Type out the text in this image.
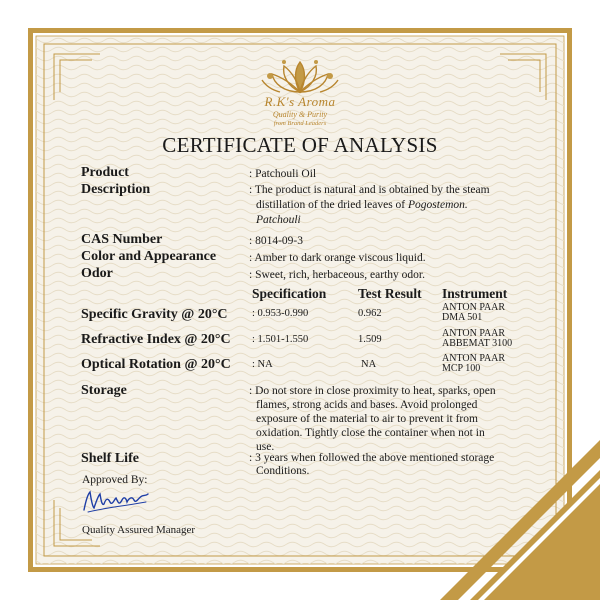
R.K's Aroma
Quality & Purity
from Brand Leaders
CERTIFICATE OF ANALYSIS
Product	: Patchouli Oil
Description	: The product is natural and is obtained by the steam
distillation of the dried leaves of Pogostemon.
Patchouli
CAS Number	: 8014-09-3
Color and Appearance	: Amber to dark orange viscous liquid.
Odor	: Sweet, rich, herbaceous, earthy odor.
Specification Test Result Instrument
Specific Gravity @ 20°C : 0.953-0.990	0.962
ANTON PAAR
DMA 501
Refractive Index @ 20°C : 1.501-1.550	1.509
ANTON PAAR
ABBEMAT 3100
Optical Rotation @ 20°C : NA	NA
ANTON PAAR
MCP 100
Storage	: Do not store in close proximity to heat, sparks, open
flames, strong acids and bases. Avoid prolonged
exposure of the material to air to prevent it from
oxidation. Tightly close the container when not in
use.
Shelf Life	: 3 years when followed the above mentioned storage
Conditions.
Approved By:
Quality Assured Manager
